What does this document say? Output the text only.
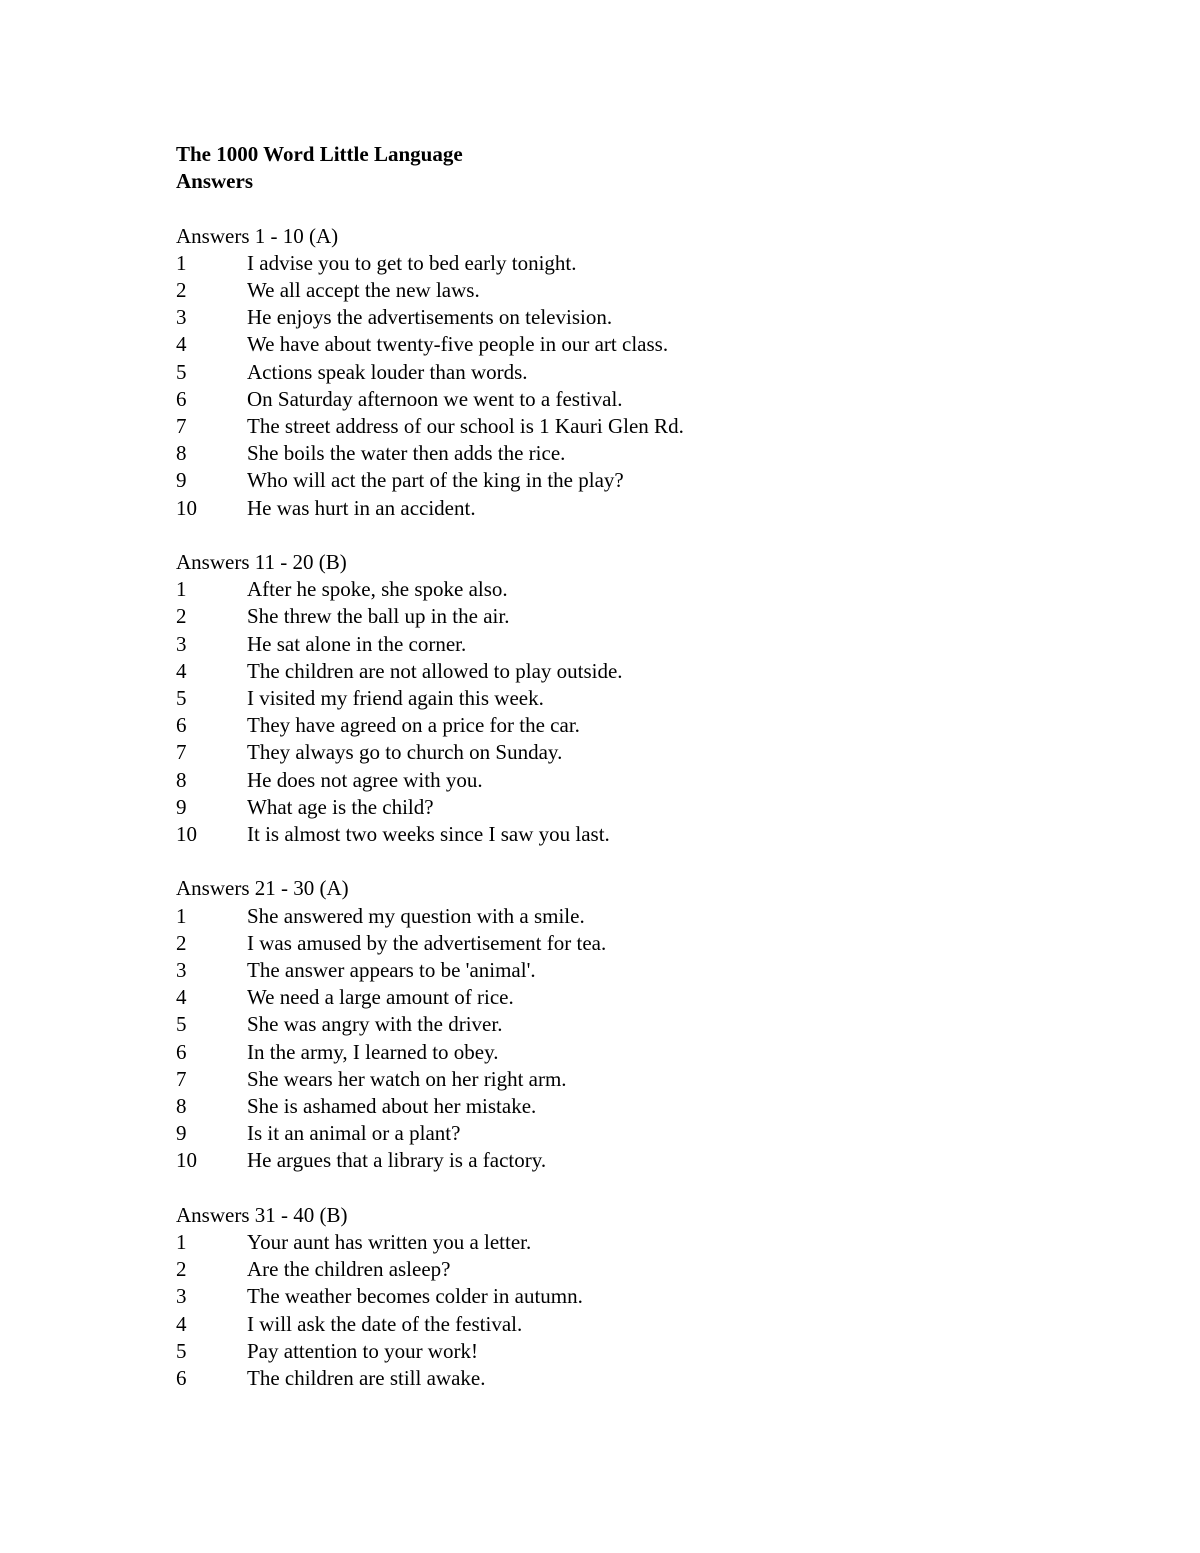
The 1000 Word Little Language
Answers
Answers 1 - 10 (A)
1	I advise you to get to bed early tonight.
2	We all accept the new laws.
3	He enjoys the advertisements on television.
4	We have about twenty-five people in our art class.
5	Actions speak louder than words.
6	On Saturday afternoon we went to a festival.
7	The street address of our school is 1 Kauri Glen Rd.
8	She boils the water then adds the rice.
9	Who will act the part of the king in the play?
10	He was hurt in an accident.
Answers 11 - 20 (B)
1	After he spoke, she spoke also.
2	She threw the ball up in the air.
3	He sat alone in the corner.
4	The children are not allowed to play outside.
5	I visited my friend again this week.
6	They have agreed on a price for the car.
7	They always go to church on Sunday.
8	He does not agree with you.
9	What age is the child?
10	It is almost two weeks since I saw you last.
Answers 21 - 30 (A)
1	She answered my question with a smile.
2	I was amused by the advertisement for tea.
3	The answer appears to be 'animal'.
4	We need a large amount of rice.
5	She was angry with the driver.
6	In the army, I learned to obey.
7	She wears her watch on her right arm.
8	She is ashamed about her mistake.
9	Is it an animal or a plant?
10	He argues that a library is a factory.
Answers 31 - 40 (B)
1	Your aunt has written you a letter.
2	Are the children asleep?
3	The weather becomes colder in autumn.
4	I will ask the date of the festival.
5	Pay attention to your work!
6	The children are still awake.
